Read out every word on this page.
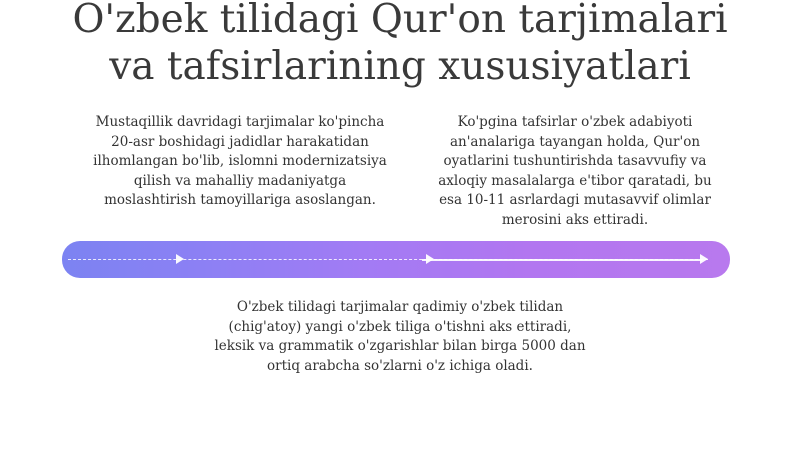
O'zbek tilidagi Qur'on tarjimalari
va tafsirlarining xususiyatlari

Mustaqillik davridagi tarjimalar ko'pincha 20-asr boshidagi jadidlar harakatidan ilhomlangan bo'lib, islomni modernizatsiya qilish va mahalliy madaniyatga moslashtirish tamoyillariga asoslangan.

Ko'pgina tafsirlar o'zbek adabiyoti an'analariga tayangan holda, Qur'on oyatlarini tushuntirishda tasavvufiy va axloqiy masalalarga e'tibor qaratadi, bu esa 10-11 asrlardagi mutasavvif olimlar merosini aks ettiradi.

O'zbek tilidagi tarjimalar qadimiy o'zbek tilidan (chig'atoy) yangi o'zbek tiliga o'tishni aks ettiradi, leksik va grammatik o'zgarishlar bilan birga 5000 dan ortiq arabcha so'zlarni o'z ichiga oladi.
